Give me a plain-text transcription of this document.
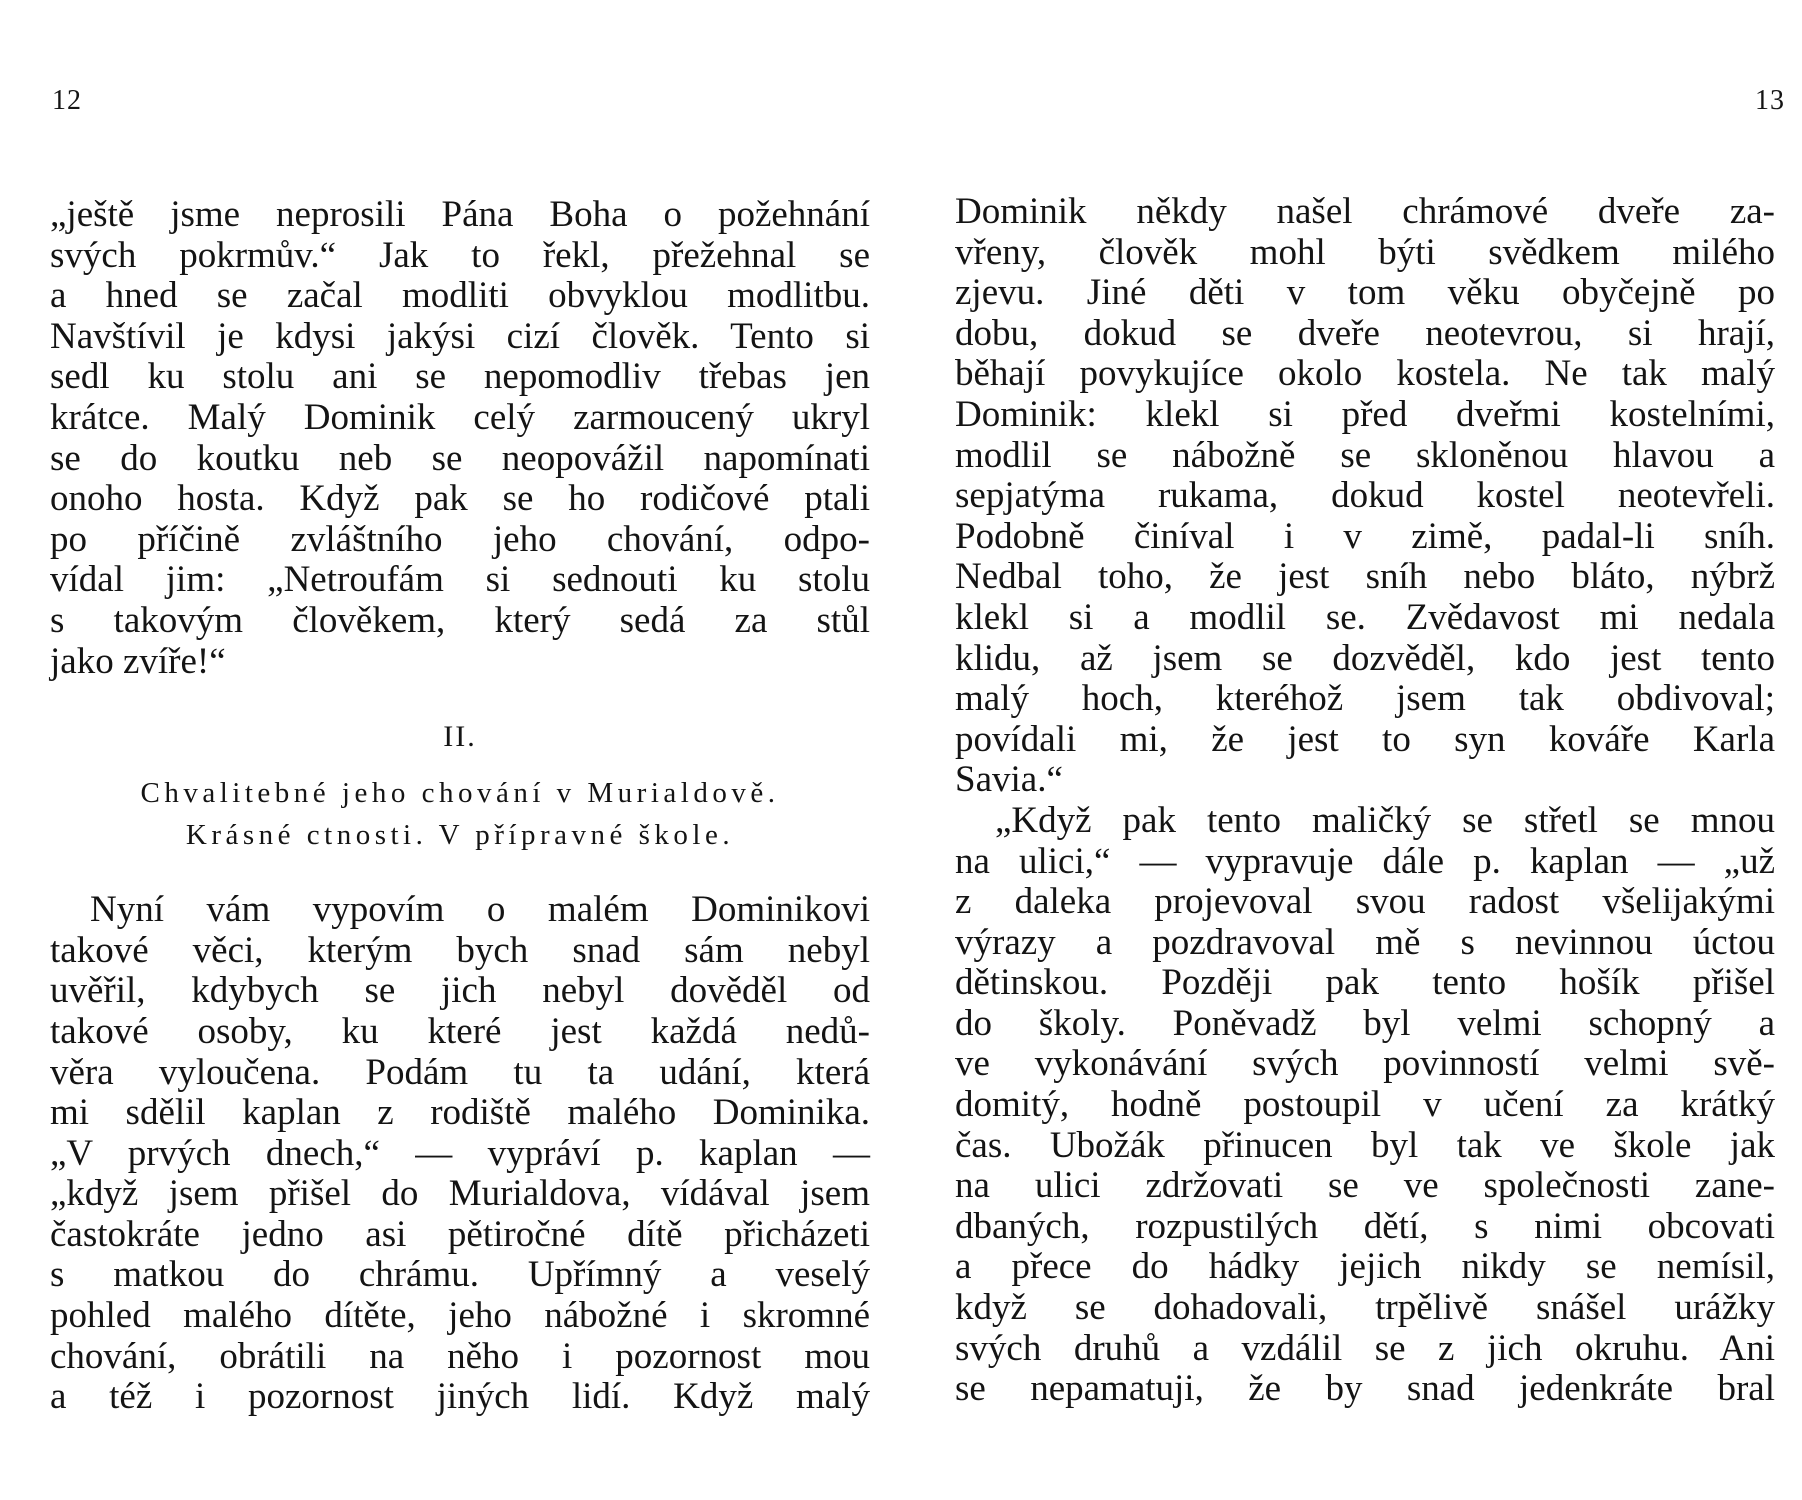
12
„ještě jsme neprosili Pána Boha o požehnání
svých pokrmův.“ Jak to řekl, přežehnal se
a hned se začal modliti obvyklou modlitbu.
Navštívil je kdysi jakýsi cizí člověk. Tento si
sedl ku stolu ani se nepomodliv třebas jen
krátce. Malý Dominik celý zarmoucený ukryl
se do koutku neb se neopovážil napomínati
onoho hosta. Když pak se ho rodičové ptali
po příčině zvláštního jeho chování, odpo-
vídal jim: „Netroufám si sednouti ku stolu
s takovým člověkem, který sedá za stůl
jako zvíře!“
II.
Chvalitebné jeho chování v Murialdově.
Krásné ctnosti. V přípravné škole.
Nyní vám vypovím o malém Dominikovi
takové věci, kterým bych snad sám nebyl
uvěřil, kdybych se jich nebyl dověděl od
takové osoby, ku které jest každá nedů-
věra vyloučena. Podám tu ta udání, která
mi sdělil kaplan z rodiště malého Dominika.
„V prvých dnech,“ — vypráví p. kaplan —
„když jsem přišel do Murialdova, vídával jsem
častokráte jedno asi pětiročné dítě přicházeti
s matkou do chrámu. Upřímný a veselý
pohled malého dítěte, jeho nábožné i skromné
chování, obrátili na něho i pozornost mou
a též i pozornost jiných lidí. Když malý
13
Dominik někdy našel chrámové dveře za-
vřeny, člověk mohl býti svědkem milého
zjevu. Jiné děti v tom věku obyčejně po
dobu, dokud se dveře neotevrou, si hrají,
běhají povykujíce okolo kostela. Ne tak malý
Dominik: klekl si před dveřmi kostelními,
modlil se nábožně se skloněnou hlavou a
sepjatýma rukama, dokud kostel neotevřeli.
Podobně činíval i v zimě, padal-li sníh.
Nedbal toho, že jest sníh nebo bláto, nýbrž
klekl si a modlil se. Zvědavost mi nedala
klidu, až jsem se dozvěděl, kdo jest tento
malý hoch, kteréhož jsem tak obdivoval;
povídali mi, že jest to syn kováře Karla
Savia.“
„Když pak tento maličký se střetl se mnou
na ulici,“ — vypravuje dále p. kaplan — „už
z daleka projevoval svou radost všelijakými
výrazy a pozdravoval mě s nevinnou úctou
dětinskou. Později pak tento hošík přišel
do školy. Poněvadž byl velmi schopný a
ve vykonávání svých povinností velmi svě-
domitý, hodně postoupil v učení za krátký
čas. Ubožák přinucen byl tak ve škole jak
na ulici zdržovati se ve společnosti zane-
dbaných, rozpustilých dětí, s nimi obcovati
a přece do hádky jejich nikdy se nemísil,
když se dohadovali, trpělivě snášel urážky
svých druhů a vzdálil se z jich okruhu. Ani
se nepamatuji, že by snad jedenkráte bral
